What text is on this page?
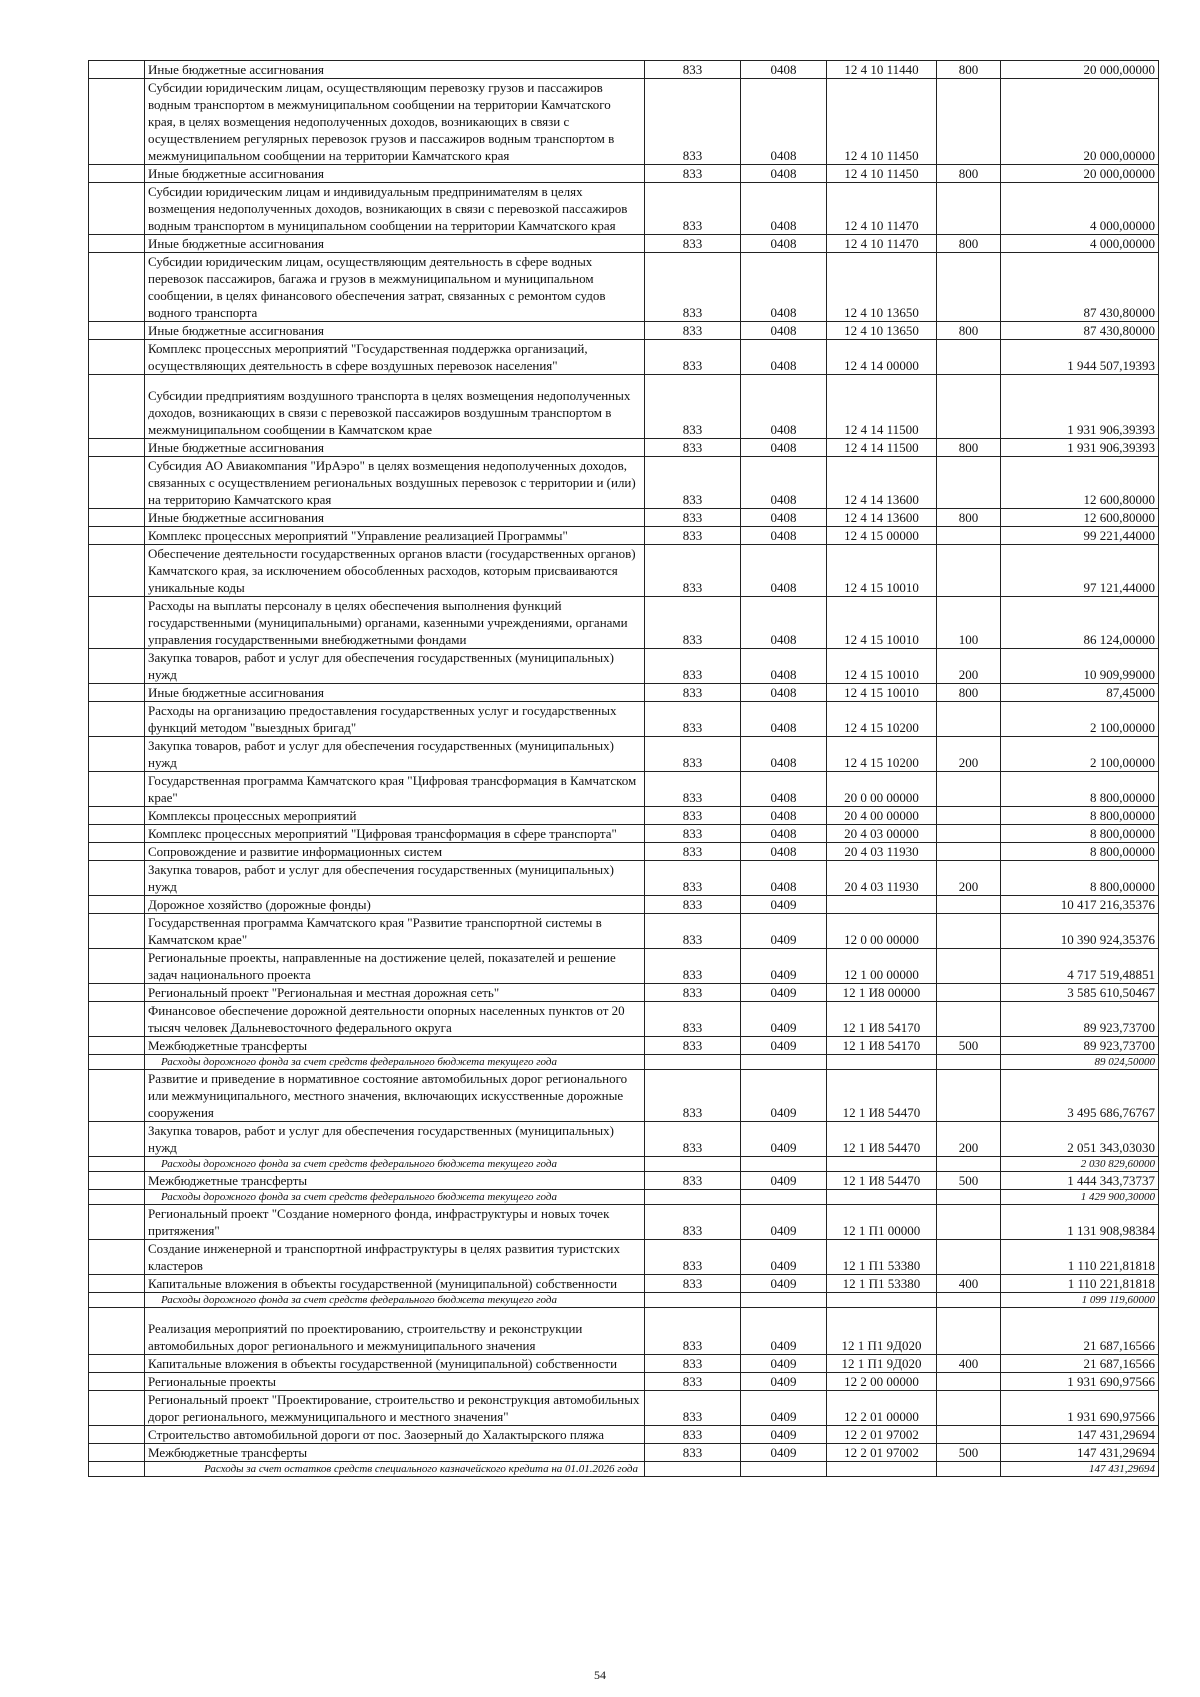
	Иные бюджетные ассигнования	833	0408	12 4 10 11440	800	20 000,00000
	Субсидии юридическим лицам, осуществляющим перевозку грузов и пассажиров водным транспортом в межмуниципальном сообщении на территории Камчатского края, в целях возмещения недополученных доходов, возникающих в связи с осуществлением регулярных перевозок грузов и пассажиров водным транспортом в межмуниципальном сообщении на территории Камчатского края	833	0408	12 4 10 11450		20 000,00000
	Иные бюджетные ассигнования	833	0408	12 4 10 11450	800	20 000,00000
	Субсидии юридическим лицам и индивидуальным предпринимателям в целях возмещения недополученных доходов, возникающих в связи с перевозкой пассажиров водным транспортом в муниципальном сообщении на территории Камчатского края	833	0408	12 4 10 11470		4 000,00000
	Иные бюджетные ассигнования	833	0408	12 4 10 11470	800	4 000,00000
	Субсидии юридическим лицам, осуществляющим деятельность в сфере водных перевозок пассажиров, багажа и грузов в межмуниципальном и муниципальном сообщении, в целях финансового обеспечения затрат, связанных с ремонтом судов водного транспорта	833	0408	12 4 10 13650		87 430,80000
	Иные бюджетные ассигнования	833	0408	12 4 10 13650	800	87 430,80000
	Комплекс процессных мероприятий "Государственная поддержка организаций, осуществляющих деятельность в сфере воздушных перевозок населения"	833	0408	12 4 14 00000		1 944 507,19393

Субсидии предприятиям воздушного транспорта в целях возмещения недополученных доходов, возникающих в связи с перевозкой пассажиров воздушным транспортом в межмуниципальном сообщении в Камчатском крае	833	0408	12 4 14 11500		1 931 906,39393
	Иные бюджетные ассигнования	833	0408	12 4 14 11500	800	1 931 906,39393
	Субсидия АО Авиакомпания "ИрАэро" в целях возмещения недополученных доходов, связанных с осуществлением региональных воздушных перевозок с территории и (или) на территорию Камчатского края	833	0408	12 4 14 13600		12 600,80000
	Иные бюджетные ассигнования	833	0408	12 4 14 13600	800	12 600,80000
	Комплекс процессных мероприятий "Управление реализацией Программы"	833	0408	12 4 15 00000		99 221,44000
	Обеспечение деятельности государственных органов власти (государственных органов) Камчатского края, за исключением обособленных расходов, которым присваиваются уникальные коды	833	0408	12 4 15 10010		97 121,44000
	Расходы на выплаты персоналу в целях обеспечения выполнения функций государственными (муниципальными) органами, казенными учреждениями, органами управления государственными внебюджетными фондами	833	0408	12 4 15 10010	100	86 124,00000
	Закупка товаров, работ и услуг для обеспечения государственных (муниципальных) нужд	833	0408	12 4 15 10010	200	10 909,99000
	Иные бюджетные ассигнования	833	0408	12 4 15 10010	800	87,45000
	Расходы на организацию предоставления государственных услуг и государственных функций методом "выездных бригад"	833	0408	12 4 15 10200		2 100,00000
	Закупка товаров, работ и услуг для обеспечения государственных (муниципальных) нужд	833	0408	12 4 15 10200	200	2 100,00000
	Государственная программа Камчатского края "Цифровая трансформация в Камчатском крае"	833	0408	20 0 00 00000		8 800,00000
	Комплексы процессных мероприятий	833	0408	20 4 00 00000		8 800,00000
	Комплекс процессных мероприятий "Цифровая трансформация в сфере транспорта"	833	0408	20 4 03 00000		8 800,00000
	Сопровождение и развитие информационных систем	833	0408	20 4 03 11930		8 800,00000
	Закупка товаров, работ и услуг для обеспечения государственных (муниципальных) нужд	833	0408	20 4 03 11930	200	8 800,00000
	Дорожное хозяйство (дорожные фонды)	833	0409			10 417 216,35376
	Государственная программа Камчатского края "Развитие транспортной системы в Камчатском крае"	833	0409	12 0 00 00000		10 390 924,35376
	Региональные проекты, направленные на достижение целей, показателей и решение задач национального проекта	833	0409	12 1 00 00000		4 717 519,48851
	Региональный проект "Региональная и местная дорожная сеть"	833	0409	12 1 И8 00000		3 585 610,50467
	Финансовое обеспечение дорожной деятельности опорных населенных пунктов от 20 тысяч человек Дальневосточного федерального округа	833	0409	12 1 И8 54170		89 923,73700
	Межбюджетные трансферты	833	0409	12 1 И8 54170	500	89 923,73700
	Расходы дорожного фонда за счет средств федерального бюджета текущего года					89 024,50000
	Развитие и приведение в нормативное состояние автомобильных дорог регионального или межмуниципального, местного значения, включающих искусственные дорожные сооружения	833	0409	12 1 И8 54470		3 495 686,76767
	Закупка товаров, работ и услуг для обеспечения государственных (муниципальных) нужд	833	0409	12 1 И8 54470	200	2 051 343,03030
	Расходы дорожного фонда за счет средств федерального бюджета текущего года					2 030 829,60000
	Межбюджетные трансферты	833	0409	12 1 И8 54470	500	1 444 343,73737
	Расходы дорожного фонда за счет средств федерального бюджета текущего года					1 429 900,30000
	Региональный проект "Создание номерного фонда, инфраструктуры и новых точек притяжения"	833	0409	12 1 П1 00000		1 131 908,98384
	Создание инженерной и транспортной инфраструктуры в целях развития туристских кластеров	833	0409	12 1 П1 53380		1 110 221,81818
	Капитальные вложения в объекты государственной (муниципальной) собственности	833	0409	12 1 П1 53380	400	1 110 221,81818
	Расходы дорожного фонда за счет средств федерального бюджета текущего года					1 099 119,60000

Реализация мероприятий по проектированию, строительству и реконструкции автомобильных дорог регионального и межмуниципального значения	833	0409	12 1 П1 9Д020		21 687,16566
	Капитальные вложения в объекты государственной (муниципальной) собственности	833	0409	12 1 П1 9Д020	400	21 687,16566
	Региональные проекты	833	0409	12 2 00 00000		1 931 690,97566
	Региональный проект "Проектирование, строительство и реконструкция автомобильных дорог регионального, межмуниципального и местного значения"	833	0409	12 2 01 00000		1 931 690,97566
	Строительство автомобильной дороги от пос. Заозерный до Халактырского пляжа	833	0409	12 2 01 97002		147 431,29694
	Межбюджетные трансферты	833	0409	12 2 01 97002	500	147 431,29694
	Расходы за счет остатков средств специального казначейского кредита на 01.01.2026 года					147 431,29694
54
